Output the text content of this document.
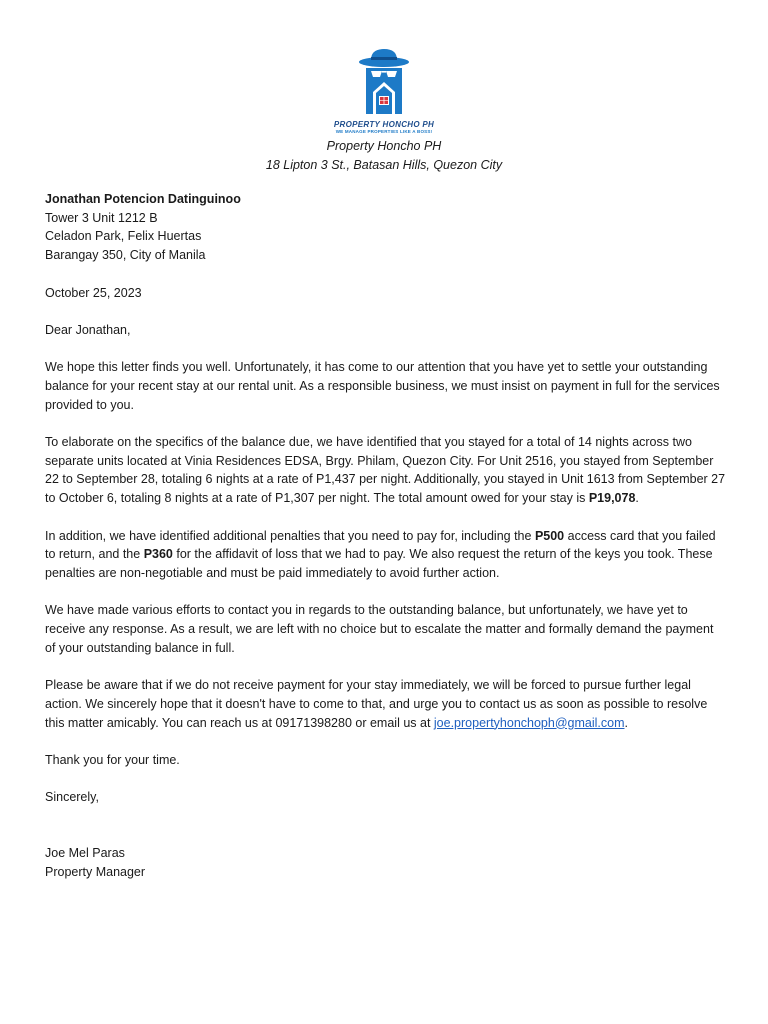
PROPERTY HONCHO PH
WE MANAGE PROPERTIES LIKE A BOSS!
Property Honcho PH
18 Lipton 3 St., Batasan Hills, Quezon City

Jonathan Potencion Datinguinoo

Tower 3 Unit 1212 B

Celadon Park, Felix Huertas

Barangay 350, City of Manila

October 25, 2023

Dear Jonathan,

We hope this letter finds you well. Unfortunately, it has come to our attention that you have yet to settle your outstanding balance for your recent stay at our rental unit. As a responsible business, we must insist on payment in full for the services provided to you.

To elaborate on the specifics of the balance due, we have identified that you stayed for a total of 14 nights across two separate units located at Vinia Residences EDSA, Brgy. Philam, Quezon City. For Unit 2516, you stayed from September 22 to September 28, totaling 6 nights at a rate of P1,437 per night. Additionally, you stayed in Unit 1613 from September 27 to October 6, totaling 8 nights at a rate of P1,307 per night. The total amount owed for your stay is P19,078.

In addition, we have identified additional penalties that you need to pay for, including the P500 access card that you failed to return, and the P360 for the affidavit of loss that we had to pay. We also request the return of the keys you took. These penalties are non-negotiable and must be paid immediately to avoid further action.

We have made various efforts to contact you in regards to the outstanding balance, but unfortunately, we have yet to receive any response. As a result, we are left with no choice but to escalate the matter and formally demand the payment of your outstanding balance in full.

Please be aware that if we do not receive payment for your stay immediately, we will be forced to pursue further legal action. We sincerely hope that it doesn't have to come to that, and urge you to contact us as soon as possible to resolve this matter amicably. You can reach us at 09171398280 or email us at joe.propertyhonchoph@gmail.com.

Thank you for your time.

Sincerely,

Joe Mel Paras

Property Manager
